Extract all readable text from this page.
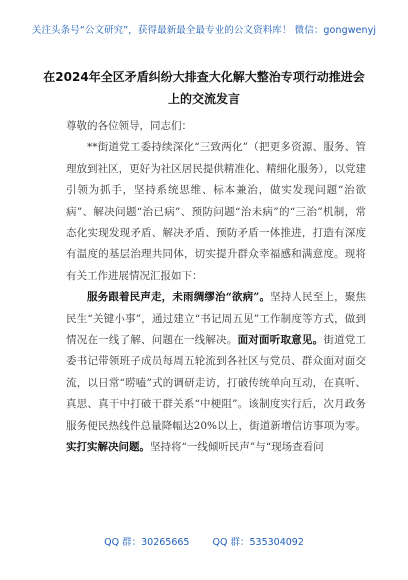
关注头条号“公文研究”，获得最新最全最专业的公文资料库！ 微信：gongwenyj
在2024年全区矛盾纠纷大排查大化解大整治专项行动推进会上的交流发言

尊敬的各位领导，同志们：

**街道党工委持续深化“三致两化”（把更多资源、服务、管理放到社区，更好为社区居民提供精准化、精细化服务），以党建引领为抓手，坚持系统思维、标本兼治，做实发现问题“治欲病”、解决问题“治已病”、预防问题“治未病”的“三治”机制，常态化实现发现矛盾、解决矛盾、预防矛盾一体推进，打造有深度有温度的基层治理共同体，切实提升群众幸福感和满意度。现将有关工作进展情况汇报如下：

服务跟着民声走，未雨绸缪治“欲病”。坚持人民至上，聚焦民生“关键小事”，通过建立“书记周五见”工作制度等方式，做到情况在一线了解、问题在一线解决。面对面听取意见。街道党工委书记带领班子成员每周五轮流到各社区与党员、群众面对面交流，以日常“唠嗑”式的调研走访，打破传统单向互动，在真听、真思、真干中打破干群关系“中梗阻”。该制度实行后，次月政务服务便民热线件总量降幅达20%以上，街道新增信访事项为零。实打实解决问题。坚持将“一线倾听民声”与“现场查看问

QQ 群：30265665 QQ 群：535304092
